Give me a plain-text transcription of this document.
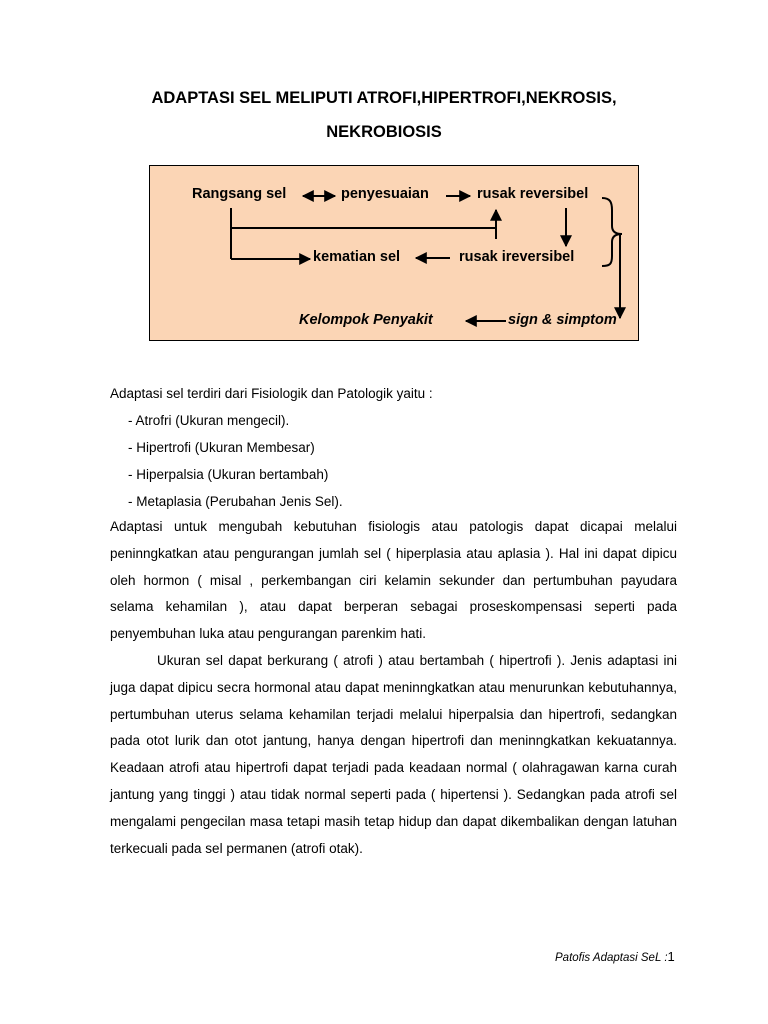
ADAPTASI SEL MELIPUTI ATROFI,HIPERTROFI,NEKROSIS,
NEKROBIOSIS
Rangsang sel	penyesuaian	rusak reversibel
kematian sel	rusak ireversibel
Kelompok Penyakit	sign & simptom
Adaptasi sel terdiri dari Fisiologik dan Patologik yaitu :
- Atrofri (Ukuran mengecil).
- Hipertrofi (Ukuran Membesar)
- Hiperpalsia (Ukuran bertambah)
- Metaplasia (Perubahan Jenis Sel).
Adaptasi untuk mengubah kebutuhan fisiologis atau patologis dapat dicapai melalui peninngkatkan atau pengurangan jumlah sel ( hiperplasia atau aplasia ). Hal ini dapat dipicu oleh hormon ( misal , perkembangan ciri kelamin sekunder dan pertumbuhan payudara selama kehamilan ), atau dapat berperan sebagai proseskompensasi seperti pada penyembuhan luka atau pengurangan parenkim hati.
Ukuran sel dapat berkurang ( atrofi ) atau bertambah ( hipertrofi ). Jenis adaptasi ini juga dapat dipicu secra hormonal atau dapat meninngkatkan atau menurunkan kebutuhannya, pertumbuhan uterus selama kehamilan terjadi melalui hiperpalsia dan hipertrofi, sedangkan pada otot lurik dan otot jantung, hanya dengan hipertrofi dan meninngkatkan kekuatannya. Keadaan atrofi atau hipertrofi dapat terjadi pada keadaan normal ( olahragawan karna curah jantung yang tinggi ) atau tidak normal seperti pada ( hipertensi ). Sedangkan pada atrofi sel mengalami pengecilan masa tetapi masih tetap hidup dan dapat dikembalikan dengan latuhan terkecuali pada sel permanen (atrofi otak).
Patofis Adaptasi SeL :1
